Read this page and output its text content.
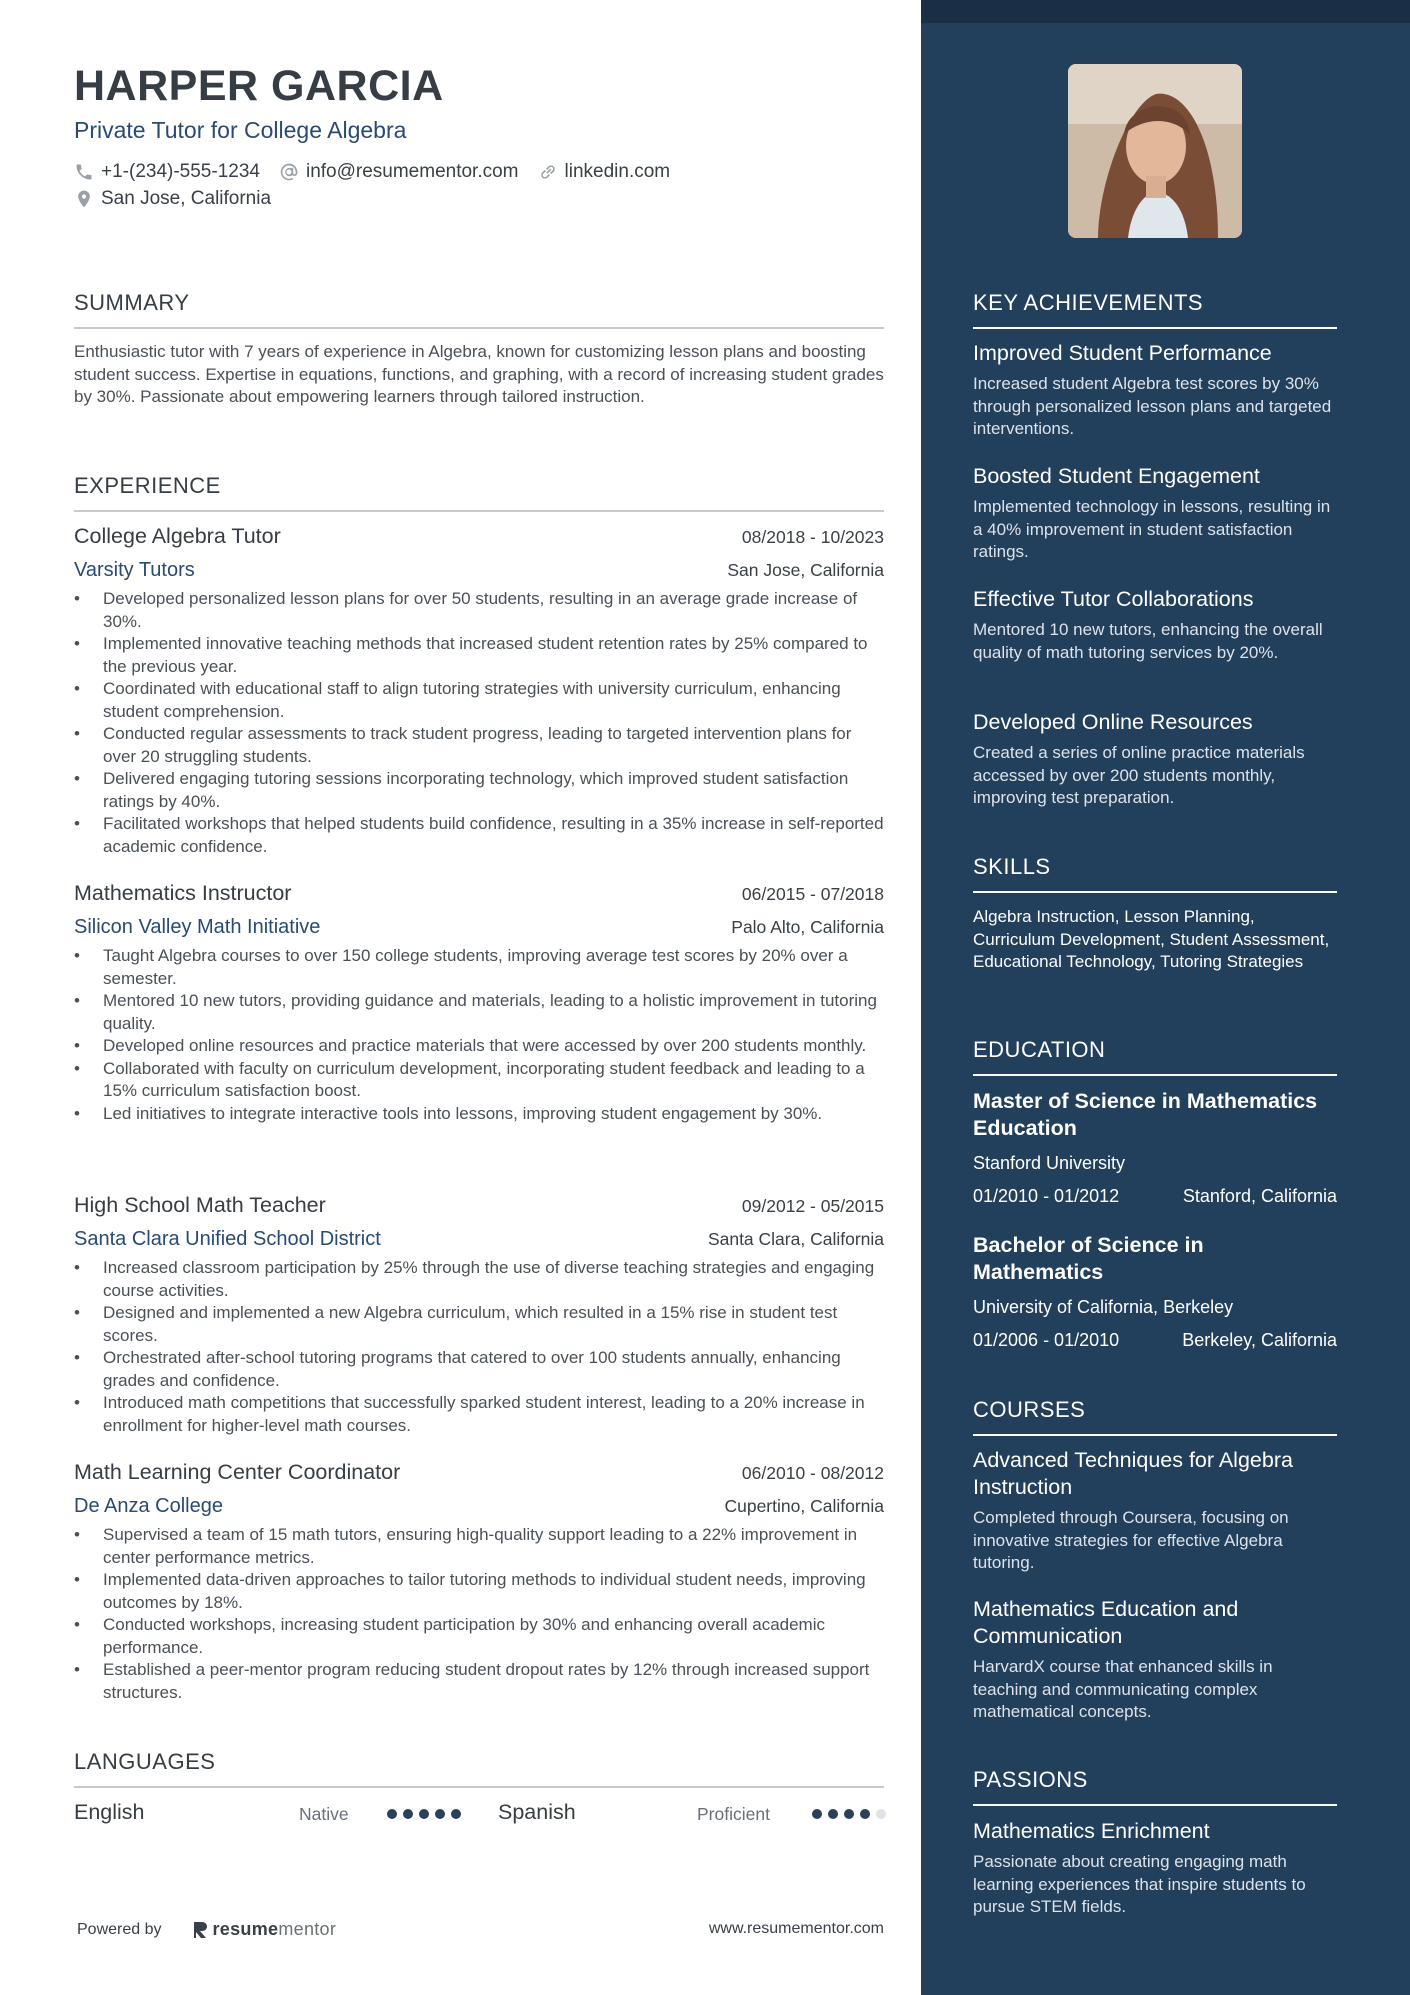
HARPER GARCIA
Private Tutor for College Algebra
+1-(234)-555-1234 info@resumementor.com linkedin.com
San Jose, California
SUMMARY
Enthusiastic tutor with 7 years of experience in Algebra, known for customizing lesson plans and boosting student success. Expertise in equations, functions, and graphing, with a record of increasing student grades by 30%. Passionate about empowering learners through tailored instruction.
EXPERIENCE
College Algebra Tutor	08/2018 - 10/2023
Varsity Tutors	San Jose, California
• Developed personalized lesson plans for over 50 students, resulting in an average grade increase of 30%.
• Implemented innovative teaching methods that increased student retention rates by 25% compared to the previous year.
• Coordinated with educational staff to align tutoring strategies with university curriculum, enhancing student comprehension.
• Conducted regular assessments to track student progress, leading to targeted intervention plans for over 20 struggling students.
• Delivered engaging tutoring sessions incorporating technology, which improved student satisfaction ratings by 40%.
• Facilitated workshops that helped students build confidence, resulting in a 35% increase in self-reported academic confidence.
Mathematics Instructor	06/2015 - 07/2018
Silicon Valley Math Initiative	Palo Alto, California
• Taught Algebra courses to over 150 college students, improving average test scores by 20% over a semester.
• Mentored 10 new tutors, providing guidance and materials, leading to a holistic improvement in tutoring quality.
• Developed online resources and practice materials that were accessed by over 200 students monthly.
• Collaborated with faculty on curriculum development, incorporating student feedback and leading to a 15% curriculum satisfaction boost.
• Led initiatives to integrate interactive tools into lessons, improving student engagement by 30%.
High School Math Teacher	09/2012 - 05/2015
Santa Clara Unified School District	Santa Clara, California
• Increased classroom participation by 25% through the use of diverse teaching strategies and engaging course activities.
• Designed and implemented a new Algebra curriculum, which resulted in a 15% rise in student test scores.
• Orchestrated after-school tutoring programs that catered to over 100 students annually, enhancing grades and confidence.
• Introduced math competitions that successfully sparked student interest, leading to a 20% increase in enrollment for higher-level math courses.
Math Learning Center Coordinator	06/2010 - 08/2012
De Anza College	Cupertino, California
• Supervised a team of 15 math tutors, ensuring high-quality support leading to a 22% improvement in center performance metrics.
• Implemented data-driven approaches to tailor tutoring methods to individual student needs, improving outcomes by 18%.
• Conducted workshops, increasing student participation by 30% and enhancing overall academic performance.
• Established a peer-mentor program reducing student dropout rates by 12% through increased support structures.
LANGUAGES
English	Native	Spanish	Proficient
Powered by	resume mentor	www.resumementor.com
KEY ACHIEVEMENTS
Improved Student Performance
Increased student Algebra test scores by 30% through personalized lesson plans and targeted interventions.
Boosted Student Engagement
Implemented technology in lessons, resulting in a 40% improvement in student satisfaction ratings.
Effective Tutor Collaborations
Mentored 10 new tutors, enhancing the overall quality of math tutoring services by 20%.
Developed Online Resources
Created a series of online practice materials accessed by over 200 students monthly, improving test preparation.
SKILLS
Algebra Instruction, Lesson Planning, Curriculum Development, Student Assessment, Educational Technology, Tutoring Strategies
EDUCATION
Master of Science in Mathematics Education
Stanford University
01/2010 - 01/2012	Stanford, California
Bachelor of Science in Mathematics
University of California, Berkeley
01/2006 - 01/2010	Berkeley, California
COURSES
Advanced Techniques for Algebra Instruction
Completed through Coursera, focusing on innovative strategies for effective Algebra tutoring.
Mathematics Education and Communication
HarvardX course that enhanced skills in teaching and communicating complex mathematical concepts.
PASSIONS
Mathematics Enrichment
Passionate about creating engaging math learning experiences that inspire students to pursue STEM fields.
